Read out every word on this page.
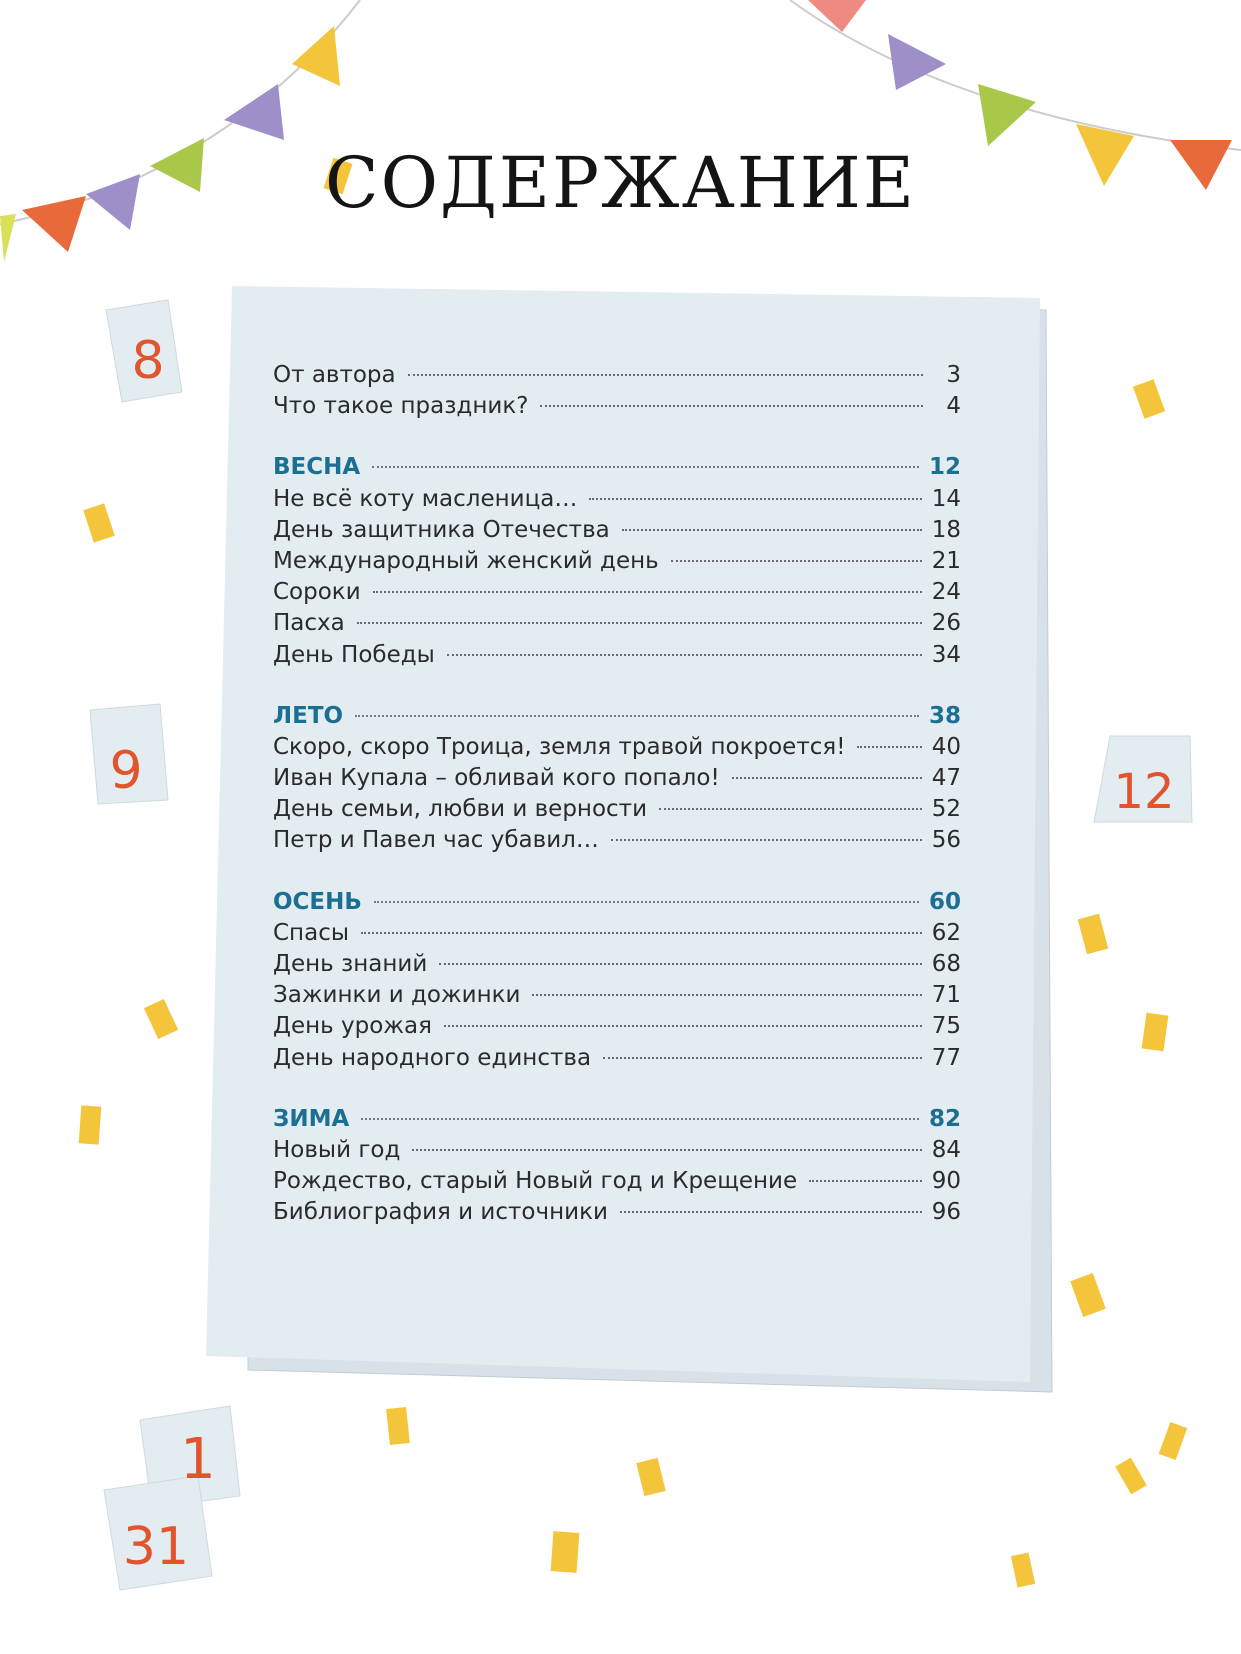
8
9	12
31
1
СОДЕРЖАНИЕ
От автора	3
Что такое праздник?	4
ВЕСНА	12
Не всё коту масленица…	14
День защитника Отечества	18
Международный женский день	21
Сороки	24
Пасха	26
День Победы	34
ЛЕТО	38
Скоро, скоро Троица, земля травой покроется!	40
Иван Купала – обливай кого попало!	47
День семьи, любви и верности	52
Петр и Павел час убавил…	56
ОСЕНЬ	60
Спасы	62
День знаний	68
Зажинки и дожинки	71
День урожая	75
День народного единства	77
ЗИМА	82
Новый год	84
Рождество, старый Новый год и Крещение	90
Библиография и источники	96
